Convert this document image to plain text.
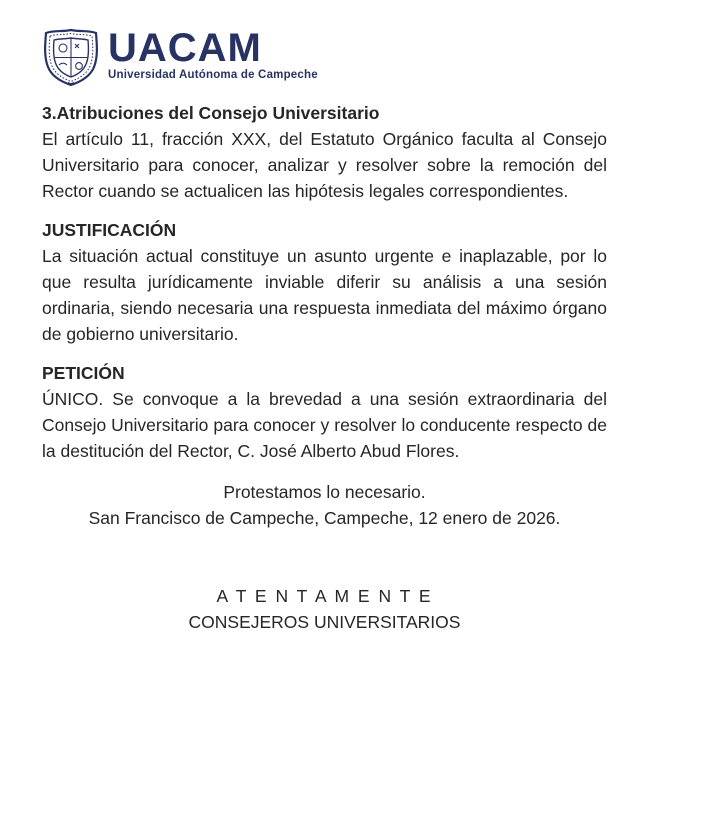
UACAM
Universidad Autónoma de Campeche
3.Atribuciones del Consejo Universitario

El artículo 11, fracción XXX, del Estatuto Orgánico faculta al Consejo Universitario para conocer, analizar y resolver sobre la remoción del Rector cuando se actualicen las hipótesis legales correspondientes.

JUSTIFICACIÓN

La situación actual constituye un asunto urgente e inaplazable, por lo que resulta jurídicamente inviable diferir su análisis a una sesión ordinaria, siendo necesaria una respuesta inmediata del máximo órgano de gobierno universitario.

PETICIÓN

ÚNICO. Se convoque a la brevedad a una sesión extraordinaria del Consejo Universitario para conocer y resolver lo conducente respecto de la destitución del Rector, C. José Alberto Abud Flores.

Protestamos lo necesario.

San Francisco de Campeche, Campeche, 12 enero de 2026.

A T E N T A M E N T E

CONSEJEROS UNIVERSITARIOS
